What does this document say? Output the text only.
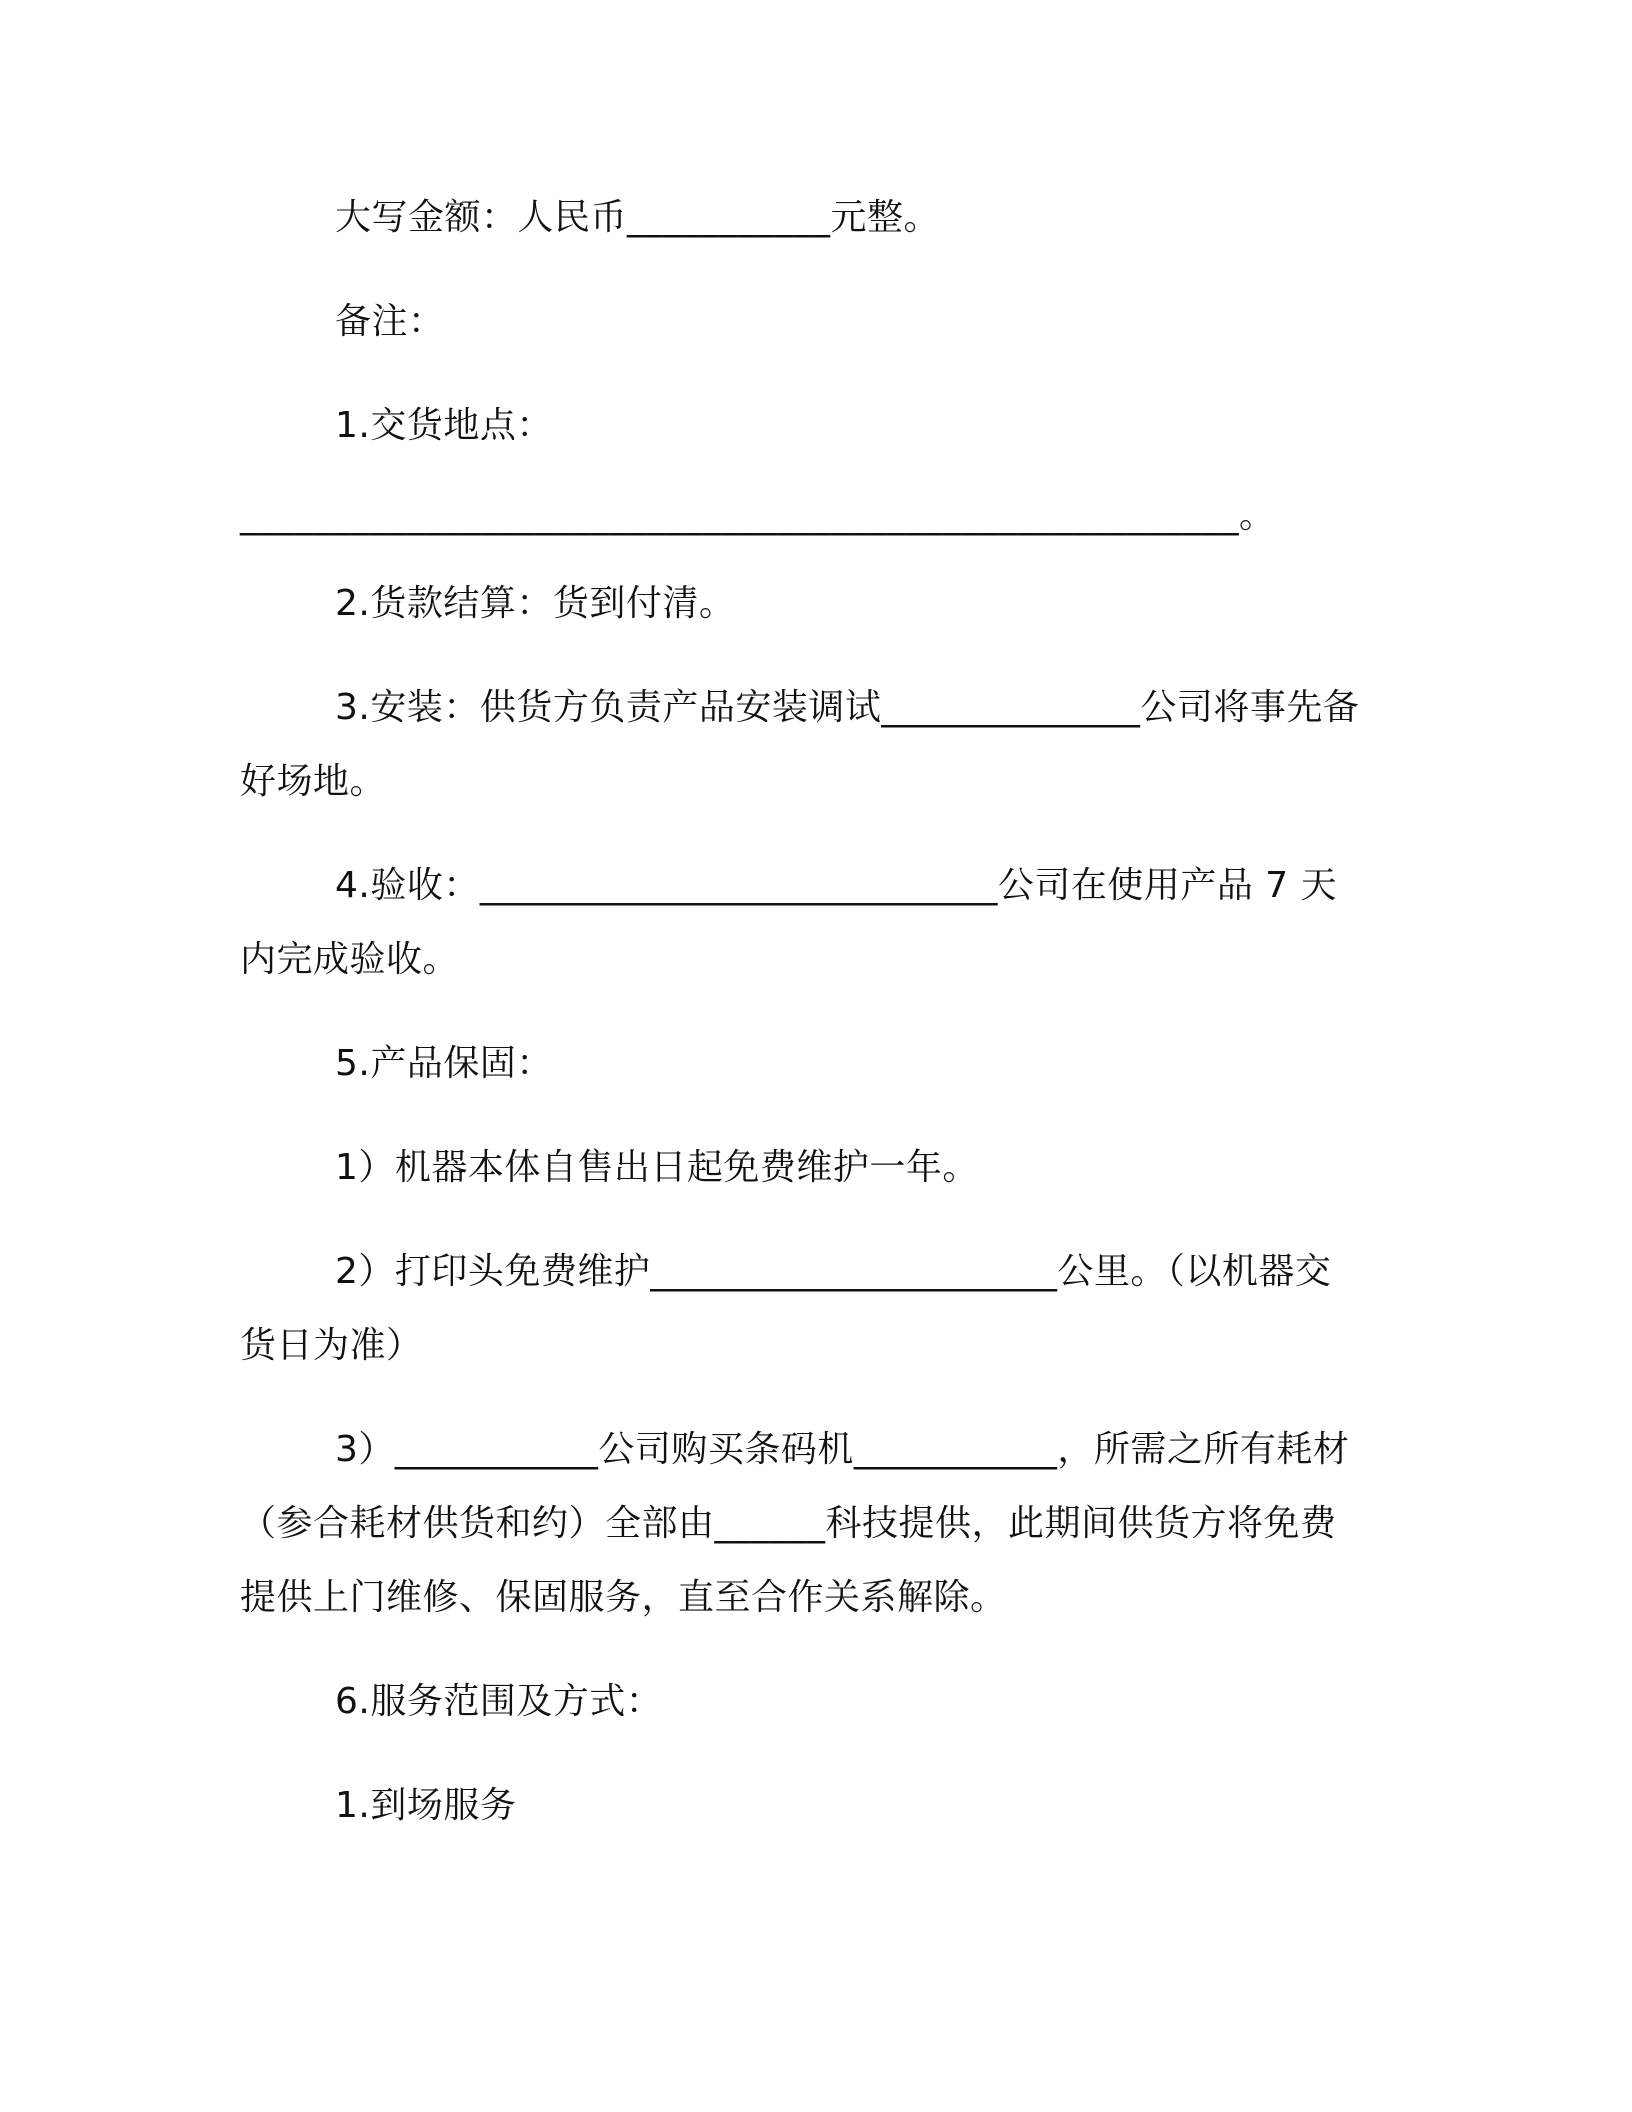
大写金额：人民币___________元整。
备注：
1.交货地点：
______________________________________________________。
2.货款结算：货到付清。
3.安装：供货方负责产品安装调试______________公司将事先备
好场地。
4.验收：____________________________公司在使用产品 7 天
内完成验收。
5.产品保固：
1）机器本体自售出日起免费维护一年。
2）打印头免费维护______________________公里。（以机器交
货日为准）
3）___________公司购买条码机___________，所需之所有耗材
（参合耗材供货和约）全部由______科技提供，此期间供货方将免费
提供上门维修、保固服务，直至合作关系解除。
6.服务范围及方式：
1.到场服务
